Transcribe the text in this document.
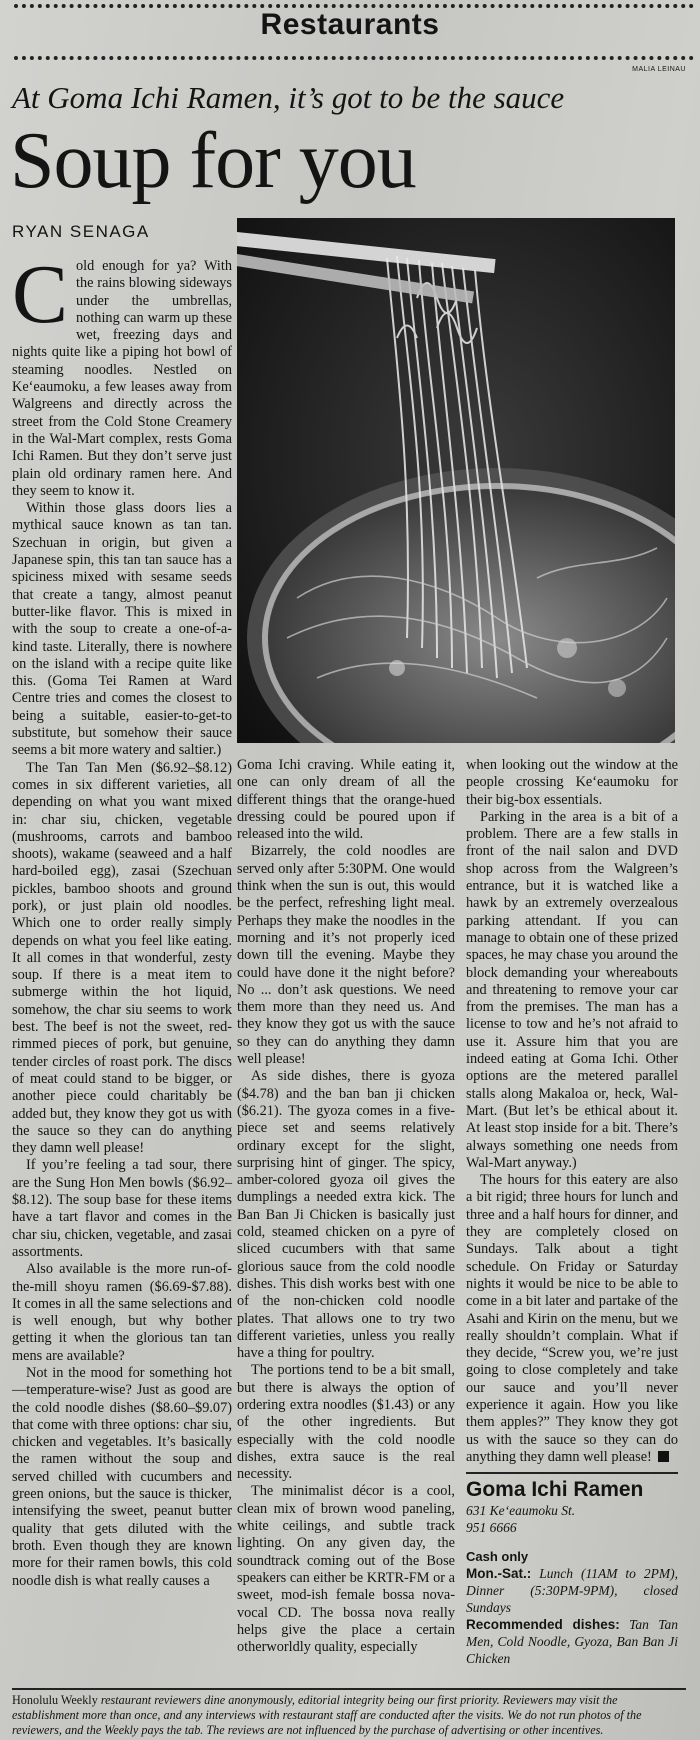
Restaurants
MALIA LEINAU
At Goma Ichi Ramen, it’s got to be the sauce
Soup for you
RYAN SENAGA

Cold enough for ya? With the rains blowing sideways under the umbrellas, nothing can warm up these wet, freezing days and nights quite like a piping hot bowl of steaming noodles. Nestled on Ke‘eaumoku, a few leases away from Walgreens and directly across the street from the Cold Stone Creamery in the Wal-Mart complex, rests Goma Ichi Ramen. But they don’t serve just plain old ordinary ramen here. And they seem to know it.

Within those glass doors lies a mythical sauce known as tan tan. Szechuan in origin, but given a Japanese spin, this tan tan sauce has a spiciness mixed with sesame seeds that create a tangy, almost peanut butter-like flavor. This is mixed in with the soup to create a one-of-a-kind taste. Literally, there is nowhere on the island with a recipe quite like this. (Goma Tei Ramen at Ward Centre tries and comes the closest to being a suitable, easier-to-get-to substitute, but somehow their sauce seems a bit more watery and saltier.)

The Tan Tan Men ($6.92–$8.12) comes in six different varieties, all depending on what you want mixed in: char siu, chicken, vegetable (mushrooms, carrots and bamboo shoots), wakame (seaweed and a half hard-boiled egg), zasai (Szechuan pickles, bamboo shoots and ground pork), or just plain old noodles. Which one to order really simply depends on what you feel like eating. It all comes in that wonderful, zesty soup. If there is a meat item to submerge within the hot liquid, somehow, the char siu seems to work best. The beef is not the sweet, red-rimmed pieces of pork, but genuine, tender circles of roast pork. The discs of meat could stand to be bigger, or another piece could charitably be added but, they know they got us with the sauce so they can do anything they damn well please!

If you’re feeling a tad sour, there are the Sung Hon Men bowls ($6.92–$8.12). The soup base for these items have a tart flavor and comes in the char siu, chicken, vegetable, and zasai assortments.

Also available is the more run-of-the-mill shoyu ramen ($6.69-$7.88). It comes in all the same selections and is well enough, but why bother getting it when the glorious tan tan mens are available?

Not in the mood for something hot—temperature-wise? Just as good are the cold noodle dishes ($8.60–$9.07) that come with three options: char siu, chicken and vegetables. It’s basically the ramen without the soup and served chilled with cucumbers and green onions, but the sauce is thicker, intensifying the sweet, peanut butter quality that gets diluted with the broth. Even though they are known more for their ramen bowls, this cold noodle dish is what really causes a

Goma Ichi craving. While eating it, one can only dream of all the different things that the orange-hued dressing could be poured upon if released into the wild.

Bizarrely, the cold noodles are served only after 5:30PM. One would think when the sun is out, this would be the perfect, refreshing light meal. Perhaps they make the noodles in the morning and it’s not properly iced down till the evening. Maybe they could have done it the night before? No ... don’t ask questions. We need them more than they need us. And they know they got us with the sauce so they can do anything they damn well please!

As side dishes, there is gyoza ($4.78) and the ban ban ji chicken ($6.21). The gyoza comes in a five-piece set and seems relatively ordinary except for the slight, surprising hint of ginger. The spicy, amber-colored gyoza oil gives the dumplings a needed extra kick. The Ban Ban Ji Chicken is basically just cold, steamed chicken on a pyre of sliced cucumbers with that same glorious sauce from the cold noodle dishes. This dish works best with one of the non-chicken cold noodle plates. That allows one to try two different varieties, unless you really have a thing for poultry.

The portions tend to be a bit small, but there is always the option of ordering extra noodles ($1.43) or any of the other ingredients. But especially with the cold noodle dishes, extra sauce is the real necessity.

The minimalist décor is a cool, clean mix of brown wood paneling, white ceilings, and subtle track lighting. On any given day, the soundtrack coming out of the Bose speakers can either be KRTR-FM or a sweet, mod-ish female bossa nova-vocal CD. The bossa nova really helps give the place a certain otherworldly quality, especially

when looking out the window at the people crossing Ke‘eaumoku for their big-box essentials.

Parking in the area is a bit of a problem. There are a few stalls in front of the nail salon and DVD shop across from the Walgreen’s entrance, but it is watched like a hawk by an extremely overzealous parking attendant. If you can manage to obtain one of these prized spaces, he may chase you around the block demanding your whereabouts and threatening to remove your car from the premises. The man has a license to tow and he’s not afraid to use it. Assure him that you are indeed eating at Goma Ichi. Other options are the metered parallel stalls along Makaloa or, heck, Wal-Mart. (But let’s be ethical about it. At least stop inside for a bit. There’s always something one needs from Wal-Mart anyway.)

The hours for this eatery are also a bit rigid; three hours for lunch and three and a half hours for dinner, and they are completely closed on Sundays. Talk about a tight schedule. On Friday or Saturday nights it would be nice to be able to come in a bit later and partake of the Asahi and Kirin on the menu, but we really shouldn’t complain. What if they decide, “Screw you, we’re just going to close completely and take our sauce and you’ll never experience it again. How you like them apples?” They know they got us with the sauce so they can do anything they damn well please!

Goma Ichi Ramen
631 Ke‘eaumoku St.
951 6666
Cash only
Mon.-Sat.: Lunch (11AM to 2PM), Dinner (5:30PM-9PM), closed Sundays
Recommended dishes: Tan Tan Men, Cold Noodle, Gyoza, Ban Ban Ji Chicken
Honolulu Weekly restaurant reviewers dine anonymously, editorial integrity being our first priority. Reviewers may visit the establishment more than once, and any interviews with restaurant staff are conducted after the visits. We do not run photos of the reviewers, and the Weekly pays the tab. The reviews are not influenced by the purchase of advertising or other incentives.
